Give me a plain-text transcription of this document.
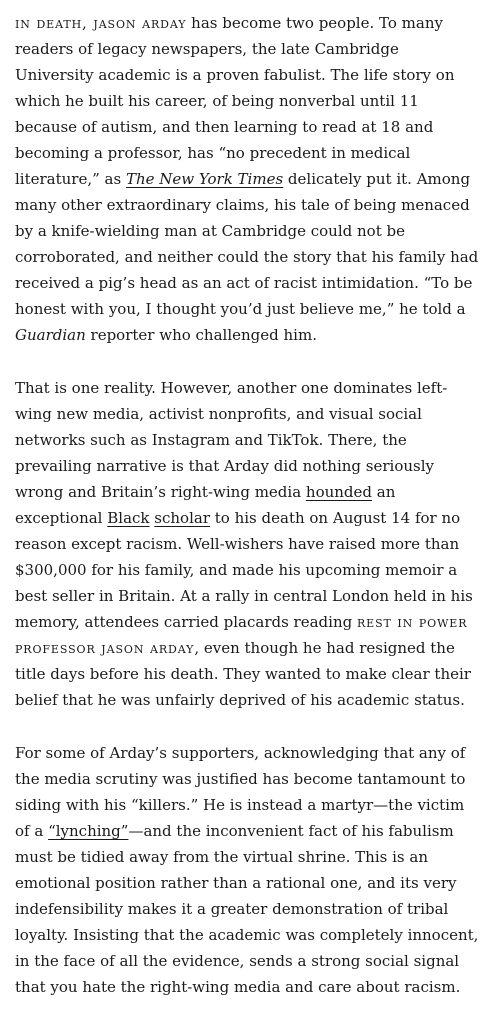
in death, jason arday has become two people. To many readers of legacy newspapers, the late Cambridge University academic is a proven fabulist. The life story on which he built his career, of being nonverbal until 11 because of autism, and then learning to read at 18 and becoming a professor, has “no precedent in medical literature,” as The New York Times delicately put it. Among many other extraordinary claims, his tale of being menaced by a knife-wielding man at Cambridge could not be corroborated, and neither could the story that his family had received a pig’s head as an act of racist intimidation. “To be honest with you, I thought you’d just believe me,” he told a Guardian reporter who challenged him.

That is one reality. However, another one dominates left-wing new media, activist nonprofits, and visual social networks such as Instagram and TikTok. There, the prevailing narrative is that Arday did nothing seriously wrong and Britain’s right-wing media hounded an exceptional Black scholar to his death on August 14 for no reason except racism. Well-wishers have raised more than $300,000 for his family, and made his upcoming memoir a best seller in Britain. At a rally in central London held in his memory, attendees carried placards reading rest in power professor jason arday, even though he had resigned the title days before his death. They wanted to make clear their belief that he was unfairly deprived of his academic status.

For some of Arday’s supporters, acknowledging that any of the media scrutiny was justified has become tantamount to siding with his “killers.” He is instead a martyr—the victim of a “lynching”—and the inconvenient fact of his fabulism must be tidied away from the virtual shrine. This is an emotional position rather than a rational one, and its very indefensibility makes it a greater demonstration of tribal loyalty. Insisting that the academic was completely innocent, in the face of all the evidence, sends a strong social signal that you hate the right-wing media and care about racism.
